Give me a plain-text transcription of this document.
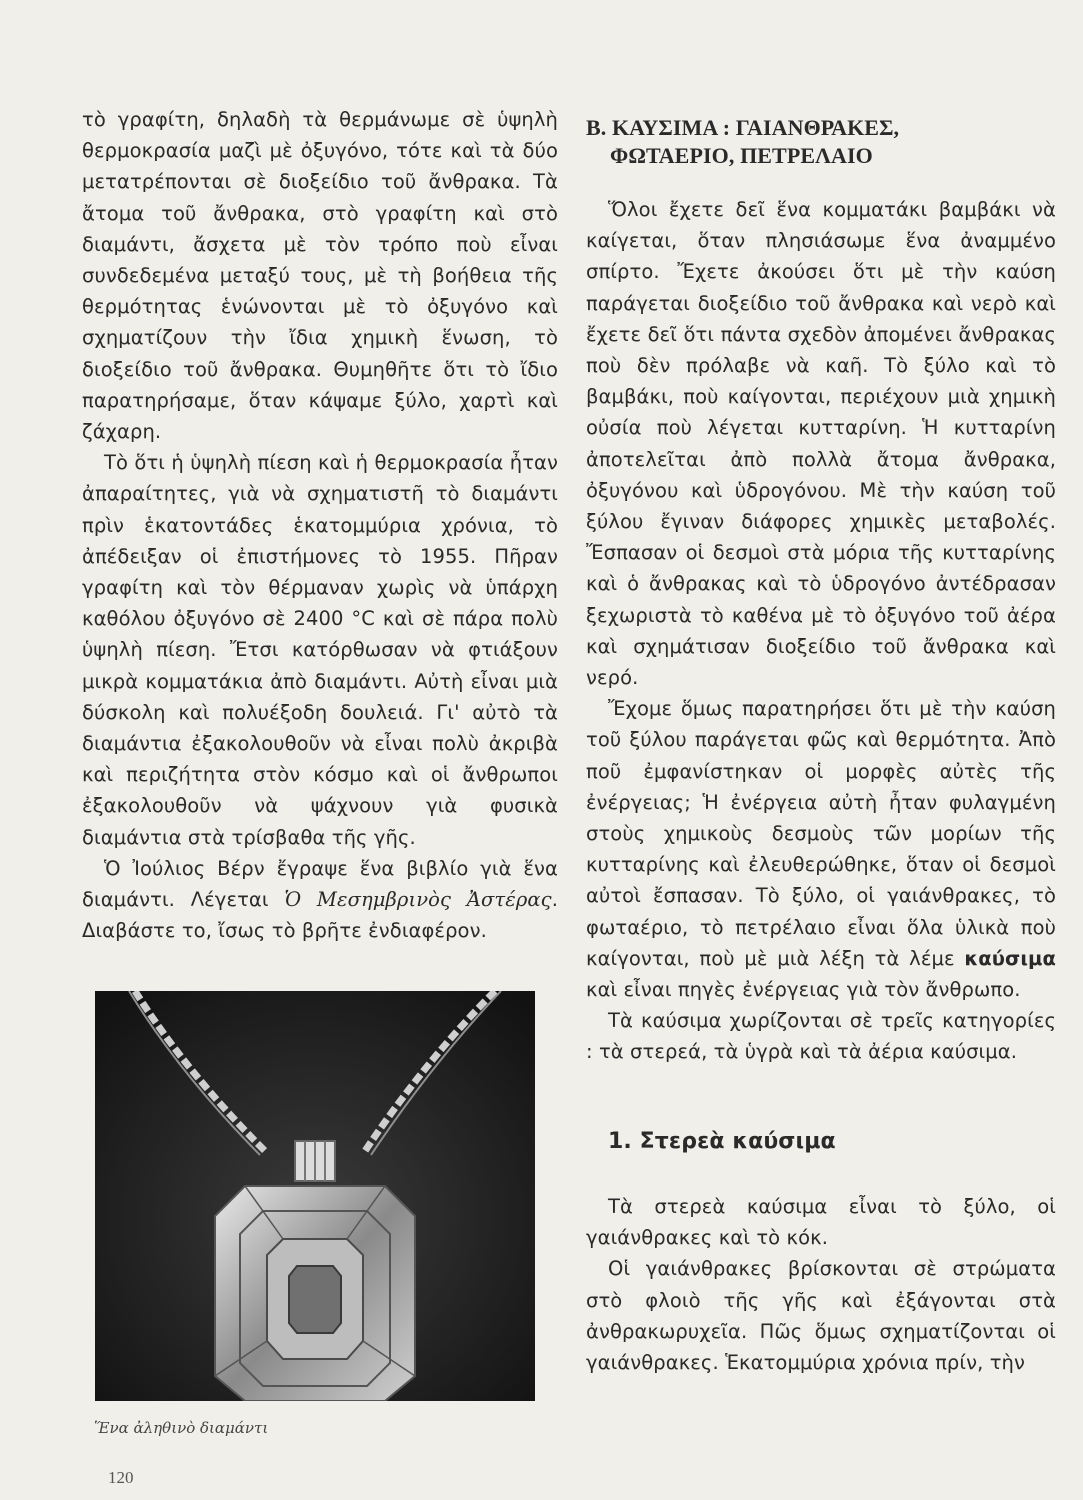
τὸ γραφίτη, δηλαδὴ τὰ θερμάνωμε σὲ ὑψηλὴ θερμοκρασία μαζὶ μὲ ὀξυγόνο, τότε καὶ τὰ δύο μετατρέπονται σὲ διοξείδιο τοῦ ἄνθρακα. Τὰ ἄτομα τοῦ ἄνθρακα, στὸ γραφίτη καὶ στὸ διαμάντι, ἄσχετα μὲ τὸν τρόπο ποὺ εἶναι συνδεδεμένα μεταξύ τους, μὲ τὴ βοήθεια τῆς θερμότητας ἑνώνονται μὲ τὸ ὀξυγόνο καὶ σχηματίζουν τὴν ἴδια χημικὴ ἕνωση, τὸ διοξείδιο τοῦ ἄνθρακα. Θυμηθῆτε ὅτι τὸ ἴδιο παρατηρήσαμε, ὅταν κάψαμε ξύλο, χαρτὶ καὶ ζάχαρη.

Τὸ ὅτι ἡ ὑψηλὴ πίεση καὶ ἡ θερμοκρασία ἦταν ἀπαραίτητες, γιὰ νὰ σχηματιστῆ τὸ διαμάντι πρὶν ἑκατοντάδες ἑκατομμύρια χρόνια, τὸ ἀπέδειξαν οἱ ἐπιστήμονες τὸ 1955. Πῆραν γραφίτη καὶ τὸν θέρμαναν χωρὶς νὰ ὑπάρχη καθόλου ὀξυγόνο σὲ 2400 °C καὶ σὲ πάρα πολὺ ὑψηλὴ πίεση. Ἔτσι κατόρθωσαν νὰ φτιάξουν μικρὰ κομματάκια ἀπὸ διαμάντι. Αὐτὴ εἶναι μιὰ δύσκολη καὶ πολυέξοδη δουλειά. Γι' αὐτὸ τὰ διαμάντια ἐξακολουθοῦν νὰ εἶναι πολὺ ἀκριβὰ καὶ περιζήτητα στὸν κόσμο καὶ οἱ ἄνθρωποι ἐξακολουθοῦν νὰ ψάχνουν γιὰ φυσικὰ διαμάντια στὰ τρίσβαθα τῆς γῆς.

Ὁ Ἰούλιος Βέρν ἔγραψε ἕνα βιβλίο γιὰ ἕνα διαμάντι. Λέγεται Ὁ Μεσημβρινὸς Ἀστέρας. Διαβάστε το, ἴσως τὸ βρῆτε ἐνδιαφέρον.

Ἕνα ἀληθινὸ διαμάντι
Β. ΚΑΥΣΙΜΑ : ΓΑΙΑΝΘΡΑΚΕΣ,
ΦΩΤΑΕΡΙΟ, ΠΕΤΡΕΛΑΙΟ

Ὅλοι ἔχετε δεῖ ἕνα κομματάκι βαμβάκι νὰ καίγεται, ὅταν πλησιάσωμε ἕνα ἀναμμένο σπίρτο. Ἔχετε ἀκούσει ὅτι μὲ τὴν καύση παράγεται διοξείδιο τοῦ ἄνθρακα καὶ νερὸ καὶ ἔχετε δεῖ ὅτι πάντα σχεδὸν ἀπομένει ἄνθρακας ποὺ δὲν πρόλαβε νὰ καῆ. Τὸ ξύλο καὶ τὸ βαμβάκι, ποὺ καίγονται, περιέχουν μιὰ χημικὴ οὐσία ποὺ λέγεται κυτταρίνη. Ἡ κυτταρίνη ἀποτελεῖται ἀπὸ πολλὰ ἄτομα ἄνθρακα, ὀξυγόνου καὶ ὑδρογόνου. Μὲ τὴν καύση τοῦ ξύλου ἔγιναν διάφορες χημικὲς μεταβολές. Ἔσπασαν οἱ δεσμοὶ στὰ μόρια τῆς κυτταρίνης καὶ ὁ ἄνθρακας καὶ τὸ ὑδρογόνο ἀντέδρασαν ξεχωριστὰ τὸ καθένα μὲ τὸ ὀξυγόνο τοῦ ἀέρα καὶ σχημάτισαν διοξείδιο τοῦ ἄνθρακα καὶ νερό.

Ἔχομε ὅμως παρατηρήσει ὅτι μὲ τὴν καύση τοῦ ξύλου παράγεται φῶς καὶ θερμότητα. Ἀπὸ ποῦ ἐμφανίστηκαν οἱ μορφὲς αὐτὲς τῆς ἐνέργειας; Ἡ ἐνέργεια αὐτὴ ἦταν φυλαγμένη στοὺς χημικοὺς δεσμοὺς τῶν μορίων τῆς κυτταρίνης καὶ ἐλευθερώθηκε, ὅταν οἱ δεσμοὶ αὐτοὶ ἔσπασαν. Τὸ ξύλο, οἱ γαιάνθρακες, τὸ φωταέριο, τὸ πετρέλαιο εἶναι ὅλα ὑλικὰ ποὺ καίγονται, ποὺ μὲ μιὰ λέξη τὰ λέμε καύσιμα καὶ εἶναι πηγὲς ἐνέργειας γιὰ τὸν ἄνθρωπο.

Τὰ καύσιμα χωρίζονται σὲ τρεῖς κατηγορίες : τὰ στερεά, τὰ ὑγρὰ καὶ τὰ ἀέρια καύσιμα.

1. Στερεὰ καύσιμα

Τὰ στερεὰ καύσιμα εἶναι τὸ ξύλο, οἱ γαιάνθρακες καὶ τὸ κόκ.

Οἱ γαιάνθρακες βρίσκονται σὲ στρώματα στὸ φλοιὸ τῆς γῆς καὶ ἐξάγονται στὰ ἀνθρακωρυχεῖα. Πῶς ὅμως σχηματίζονται οἱ γαιάνθρακες. Ἑκατομμύρια χρόνια πρίν, τὴν

120
